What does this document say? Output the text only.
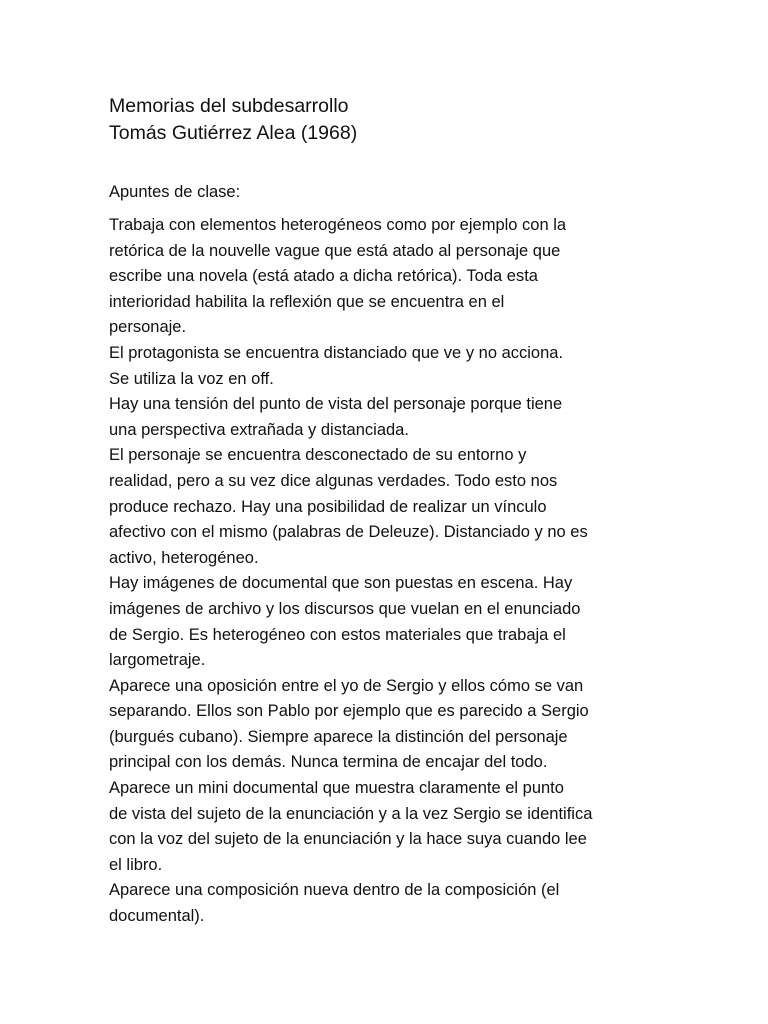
Memorias del subdesarrollo
Tomás Gutiérrez Alea (1968)
Apuntes de clase:
Trabaja con elementos heterogéneos como por ejemplo con la
retórica de la nouvelle vague que está atado al personaje que
escribe una novela (está atado a dicha retórica). Toda esta
interioridad habilita la reflexión que se encuentra en el
personaje.
El protagonista se encuentra distanciado que ve y no acciona.
Se utiliza la voz en off.
Hay una tensión del punto de vista del personaje porque tiene
una perspectiva extrañada y distanciada.
El personaje se encuentra desconectado de su entorno y
realidad, pero a su vez dice algunas verdades. Todo esto nos
produce rechazo. Hay una posibilidad de realizar un vínculo
afectivo con el mismo (palabras de Deleuze). Distanciado y no es
activo, heterogéneo.
Hay imágenes de documental que son puestas en escena. Hay
imágenes de archivo y los discursos que vuelan en el enunciado
de Sergio. Es heterogéneo con estos materiales que trabaja el
largometraje.
Aparece una oposición entre el yo de Sergio y ellos cómo se van
separando. Ellos son Pablo por ejemplo que es parecido a Sergio
(burgués cubano). Siempre aparece la distinción del personaje
principal con los demás. Nunca termina de encajar del todo.
Aparece un mini documental que muestra claramente el punto
de vista del sujeto de la enunciación y a la vez Sergio se identifica
con la voz del sujeto de la enunciación y la hace suya cuando lee
el libro.
Aparece una composición nueva dentro de la composición (el
documental).
